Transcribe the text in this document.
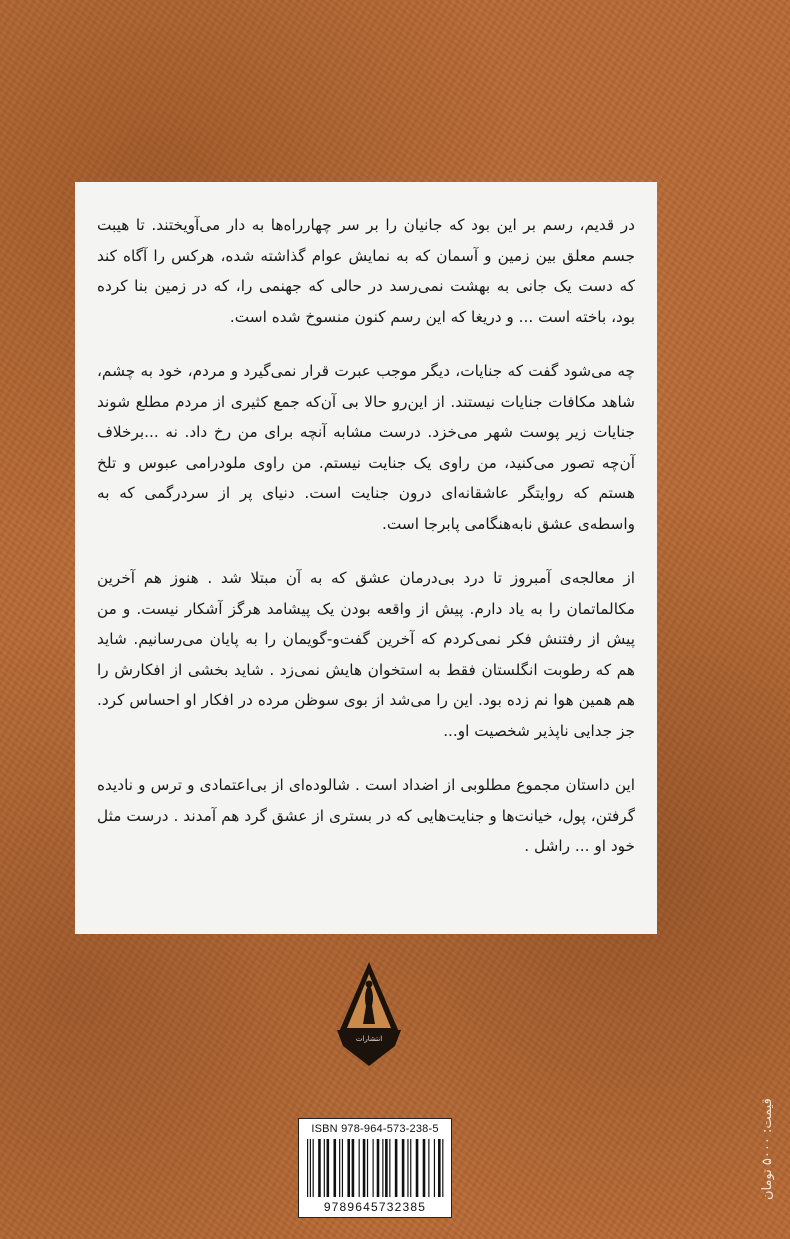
در قدیم، رسم بر این بود که جانیان را بر سر چهارراه‌ها به دار می‌آویختند. تا هیبت جسم معلق بین زمین و آسمان که به نمایش عوام گذاشته شده، هرکس را آگاه کند که دست یک جانی به بهشت نمی‌رسد در حالی که جهنمی را، که در زمین بنا کرده بود، باخته است ... و دریغا که این رسم کنون منسوخ شده است.

چه می‌شود گفت که جنایات، دیگر موجب عبرت قرار نمی‌گیرد و مردم، خود به چشم، شاهد مکافات جنایات نیستند. از این‌رو حالا بی آن‌که جمع کثیری از مردم مطلع شوند جنایات زیر پوست شهر می‌خزد. درست مشابه آنچه برای من رخ داد. نه ...برخلاف آن‌چه تصور می‌کنید، من راوی یک جنایت نیستم. من راوی ملودرامی عبوس و تلخ هستم که روایتگر عاشقانه‌ای درون جنایت است. دنیای پر از سردرگمی که به واسطه‌ی عشق نابه‌هنگامی پابرجا است.

از معالجه‌ی آمبروز تا درد بی‌درمان عشق که به آن مبتلا شد . هنوز هم آخرین مکالماتمان را به یاد دارم. پیش از واقعه بودن یک پیشامد هرگز آشکار نیست. و من پیش از رفتنش فکر نمی‌کردم که آخرین گفت‌و-گویمان را به پایان می‌رسانیم. شاید هم که رطوبت انگلستان فقط به استخوان هایش نمی‌زد . شاید بخشی از افکارش را هم همین هوا نم زده بود. این را می‌شد از بوی سوظن مرده در افکار او احساس کرد. جز جدایی ناپذیر شخصیت او...

این داستان مجموع مطلوبی از اضداد است . شالوده‌ای از بی‌اعتمادی و ترس و نادیده گرفتن، پول، خیانت‌ها و جنایت‌هایی که در بستری از عشق گرد هم آمدند . درست مثل خود او ... راشل .

انتشارات
ISBN 978-964-573-238-5
9789645732385
قیمت: ۵۰۰۰ تومان
